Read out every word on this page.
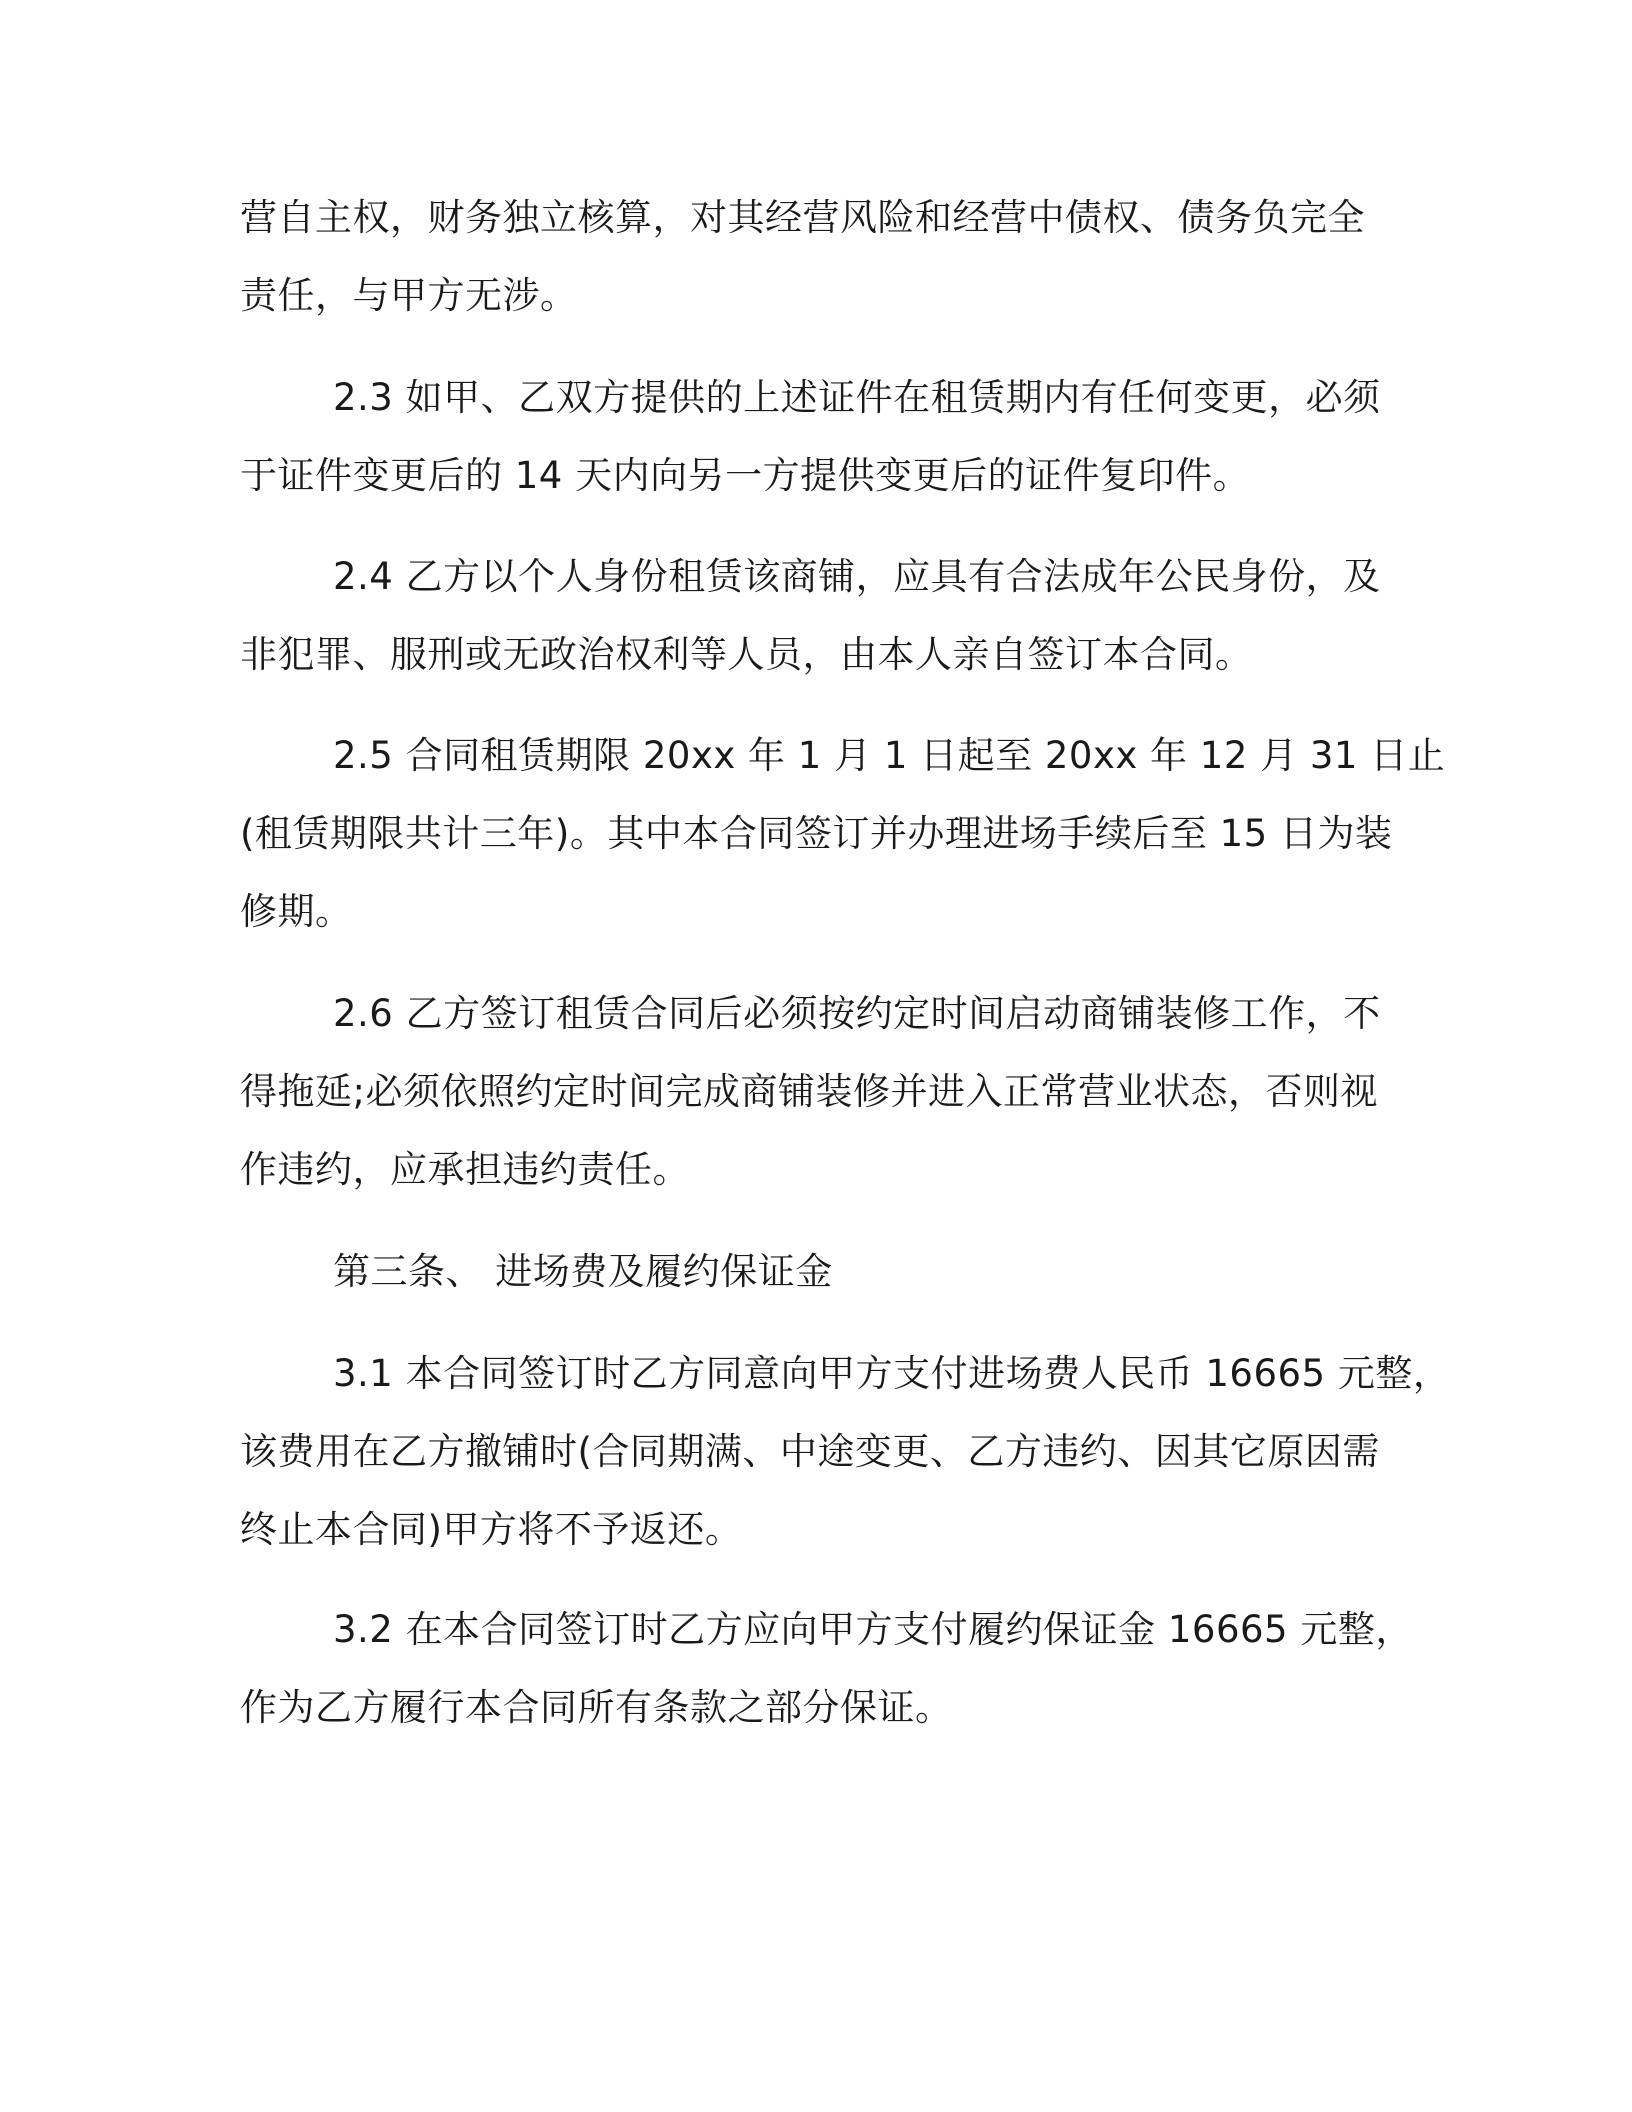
营自主权，财务独立核算，对其经营风险和经营中债权、债务负完全
责任，与甲方无涉。
2.3 如甲、乙双方提供的上述证件在租赁期内有任何变更，必须
于证件变更后的 14 天内向另一方提供变更后的证件复印件。
2.4 乙方以个人身份租赁该商铺，应具有合法成年公民身份，及
非犯罪、服刑或无政治权利等人员，由本人亲自签订本合同。
2.5 合同租赁期限 20xx 年 1 月 1 日起至 20xx 年 12 月 31 日止
(租赁期限共计三年)。其中本合同签订并办理进场手续后至 15 日为装
修期。
2.6 乙方签订租赁合同后必须按约定时间启动商铺装修工作，不
得拖延;必须依照约定时间完成商铺装修并进入正常营业状态，否则视
作违约，应承担违约责任。
第三条、 进场费及履约保证金
3.1 本合同签订时乙方同意向甲方支付进场费人民币 16665 元整，
该费用在乙方撤铺时(合同期满、中途变更、乙方违约、因其它原因需
终止本合同)甲方将不予返还。
3.2 在本合同签订时乙方应向甲方支付履约保证金 16665 元整，
作为乙方履行本合同所有条款之部分保证。
